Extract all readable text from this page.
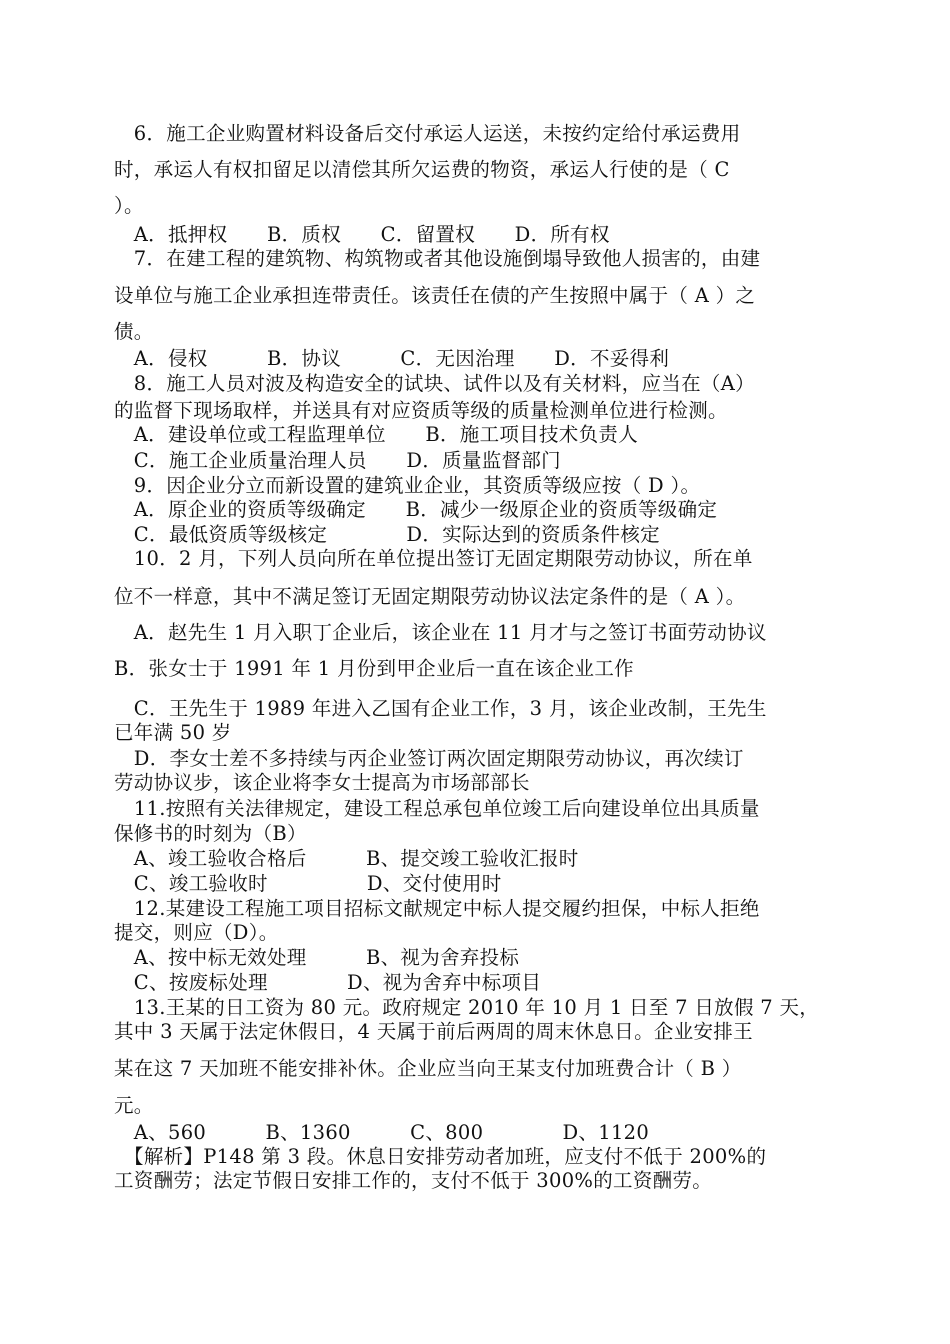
　6．施工企业购置材料设备后交付承运人运送，未按约定给付承运费用
时，承运人有权扣留足以清偿其所欠运费的物资，承运人行使的是（ C
）。
　A．抵押权　　B．质权　　C．留置权　　D．所有权
　7．在建工程的建筑物、构筑物或者其他设施倒塌导致他人损害的，由建
设单位与施工企业承担连带责任。该责任在债的产生按照中属于（ A ）之
债。
　A．侵权　　　B．协议　　　C．无因治理　　D．不妥得利
　8．施工人员对波及构造安全的试块、试件以及有关材料，应当在（A）
的监督下现场取样，并送具有对应资质等级的质量检测单位进行检测。
　A．建设单位或工程监理单位　　B．施工项目技术负责人
　C．施工企业质量治理人员　　D．质量监督部门
　9．因企业分立而新设置的建筑业企业，其资质等级应按（ D ）。
　A．原企业的资质等级确定　　B．减少一级原企业的资质等级确定
　C．最低资质等级核定　　　　D．实际达到的资质条件核定
　10．2 月，下列人员向所在单位提出签订无固定期限劳动协议，所在单
位不一样意，其中不满足签订无固定期限劳动协议法定条件的是（ A ）。
　A．赵先生 1 月入职丁企业后，该企业在 11 月才与之签订书面劳动协议
B．张女士于 1991 年 1 月份到甲企业后一直在该企业工作
　C．王先生于 1989 年进入乙国有企业工作，3 月，该企业改制，王先生
已年满 50 岁
　D．李女士差不多持续与丙企业签订两次固定期限劳动协议，再次续订
劳动协议步，该企业将李女士提高为市场部部长
　11.按照有关法律规定，建设工程总承包单位竣工后向建设单位出具质量
保修书的时刻为（B）
　A、竣工验收合格后　　　B、提交竣工验收汇报时
　C、竣工验收时　　　　　D、交付使用时
　12.某建设工程施工项目招标文献规定中标人提交履约担保，中标人拒绝
提交，则应（D）。
　A、按中标无效处理　　　B、视为舍弃投标
　C、按废标处理　　　　D、视为舍弃中标项目
　13.王某的日工资为 80 元。政府规定 2010 年 10 月 1 日至 7 日放假 7 天，
其中 3 天属于法定休假日，4 天属于前后两周的周末休息日。企业安排王
某在这 7 天加班不能安排补休。企业应当向王某支付加班费合计（ B ）
元。
　A、560　　　B、1360　　　C、800　　　　D、1120
　【解析】P148 第 3 段。休息日安排劳动者加班，应支付不低于 200%的
工资酬劳；法定节假日安排工作的，支付不低于 300%的工资酬劳。
